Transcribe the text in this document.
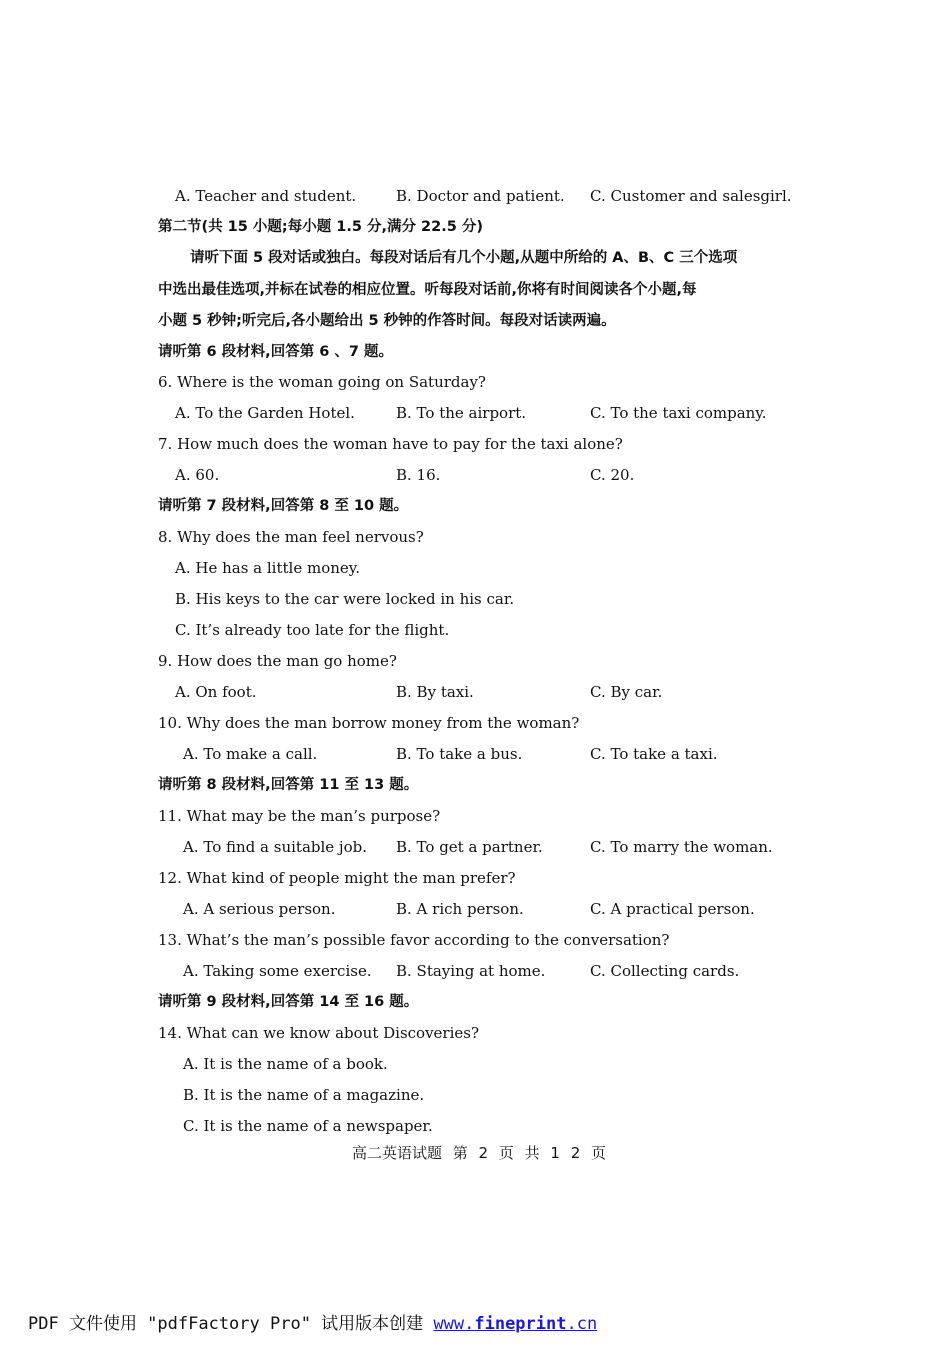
A. Teacher and student.	B. Doctor and patient. C. Customer and salesgirl.
第二节(共 15 小题;每小题 1.5 分,满分 22.5 分)
请听下面 5 段对话或独白。每段对话后有几个小题,从题中所给的 A、B、C 三个选项
中选出最佳选项,并标在试卷的相应位置。听每段对话前,你将有时间阅读各个小题,每
小题 5 秒钟;听完后,各小题给出 5 秒钟的作答时间。每段对话读两遍。
请听第 6 段材料,回答第 6 、7 题。
6. Where is the woman going on Saturday?
A. To the Garden Hotel.	B. To the airport.	C. To the taxi company.
7. How much does the woman have to pay for the taxi alone?
A. 60.	B. 16.	C. 20.
请听第 7 段材料,回答第 8 至 10 题。
8. Why does the man feel nervous?
A. He has a little money.
B. His keys to the car were locked in his car.
C. It’s already too late for the flight.
9. How does the man go home?
A. On foot.	B. By taxi.	C. By car.
10. Why does the man borrow money from the woman?
A. To make a call.	B. To take a bus.	C. To take a taxi.
请听第 8 段材料,回答第 11 至 13 题。
11. What may be the man’s purpose?
A. To find a suitable job. B. To get a partner.	C. To marry the woman.
12. What kind of people might the man prefer?
A. A serious person.	B. A rich person.	C. A practical person.
13. What’s the man’s possible favor according to the conversation?
A. Taking some exercise. B. Staying at home.	C. Collecting cards.
请听第 9 段材料,回答第 14 至 16 题。
14. What can we know about Discoveries?
A. It is the name of a book.
B. It is the name of a magazine.
C. It is the name of a newspaper.
高二英语试题 第 2 页 共 1 2 页
PDF 文件使用 "pdfFactory Pro" 试用版本创建 www.fineprint.cn
